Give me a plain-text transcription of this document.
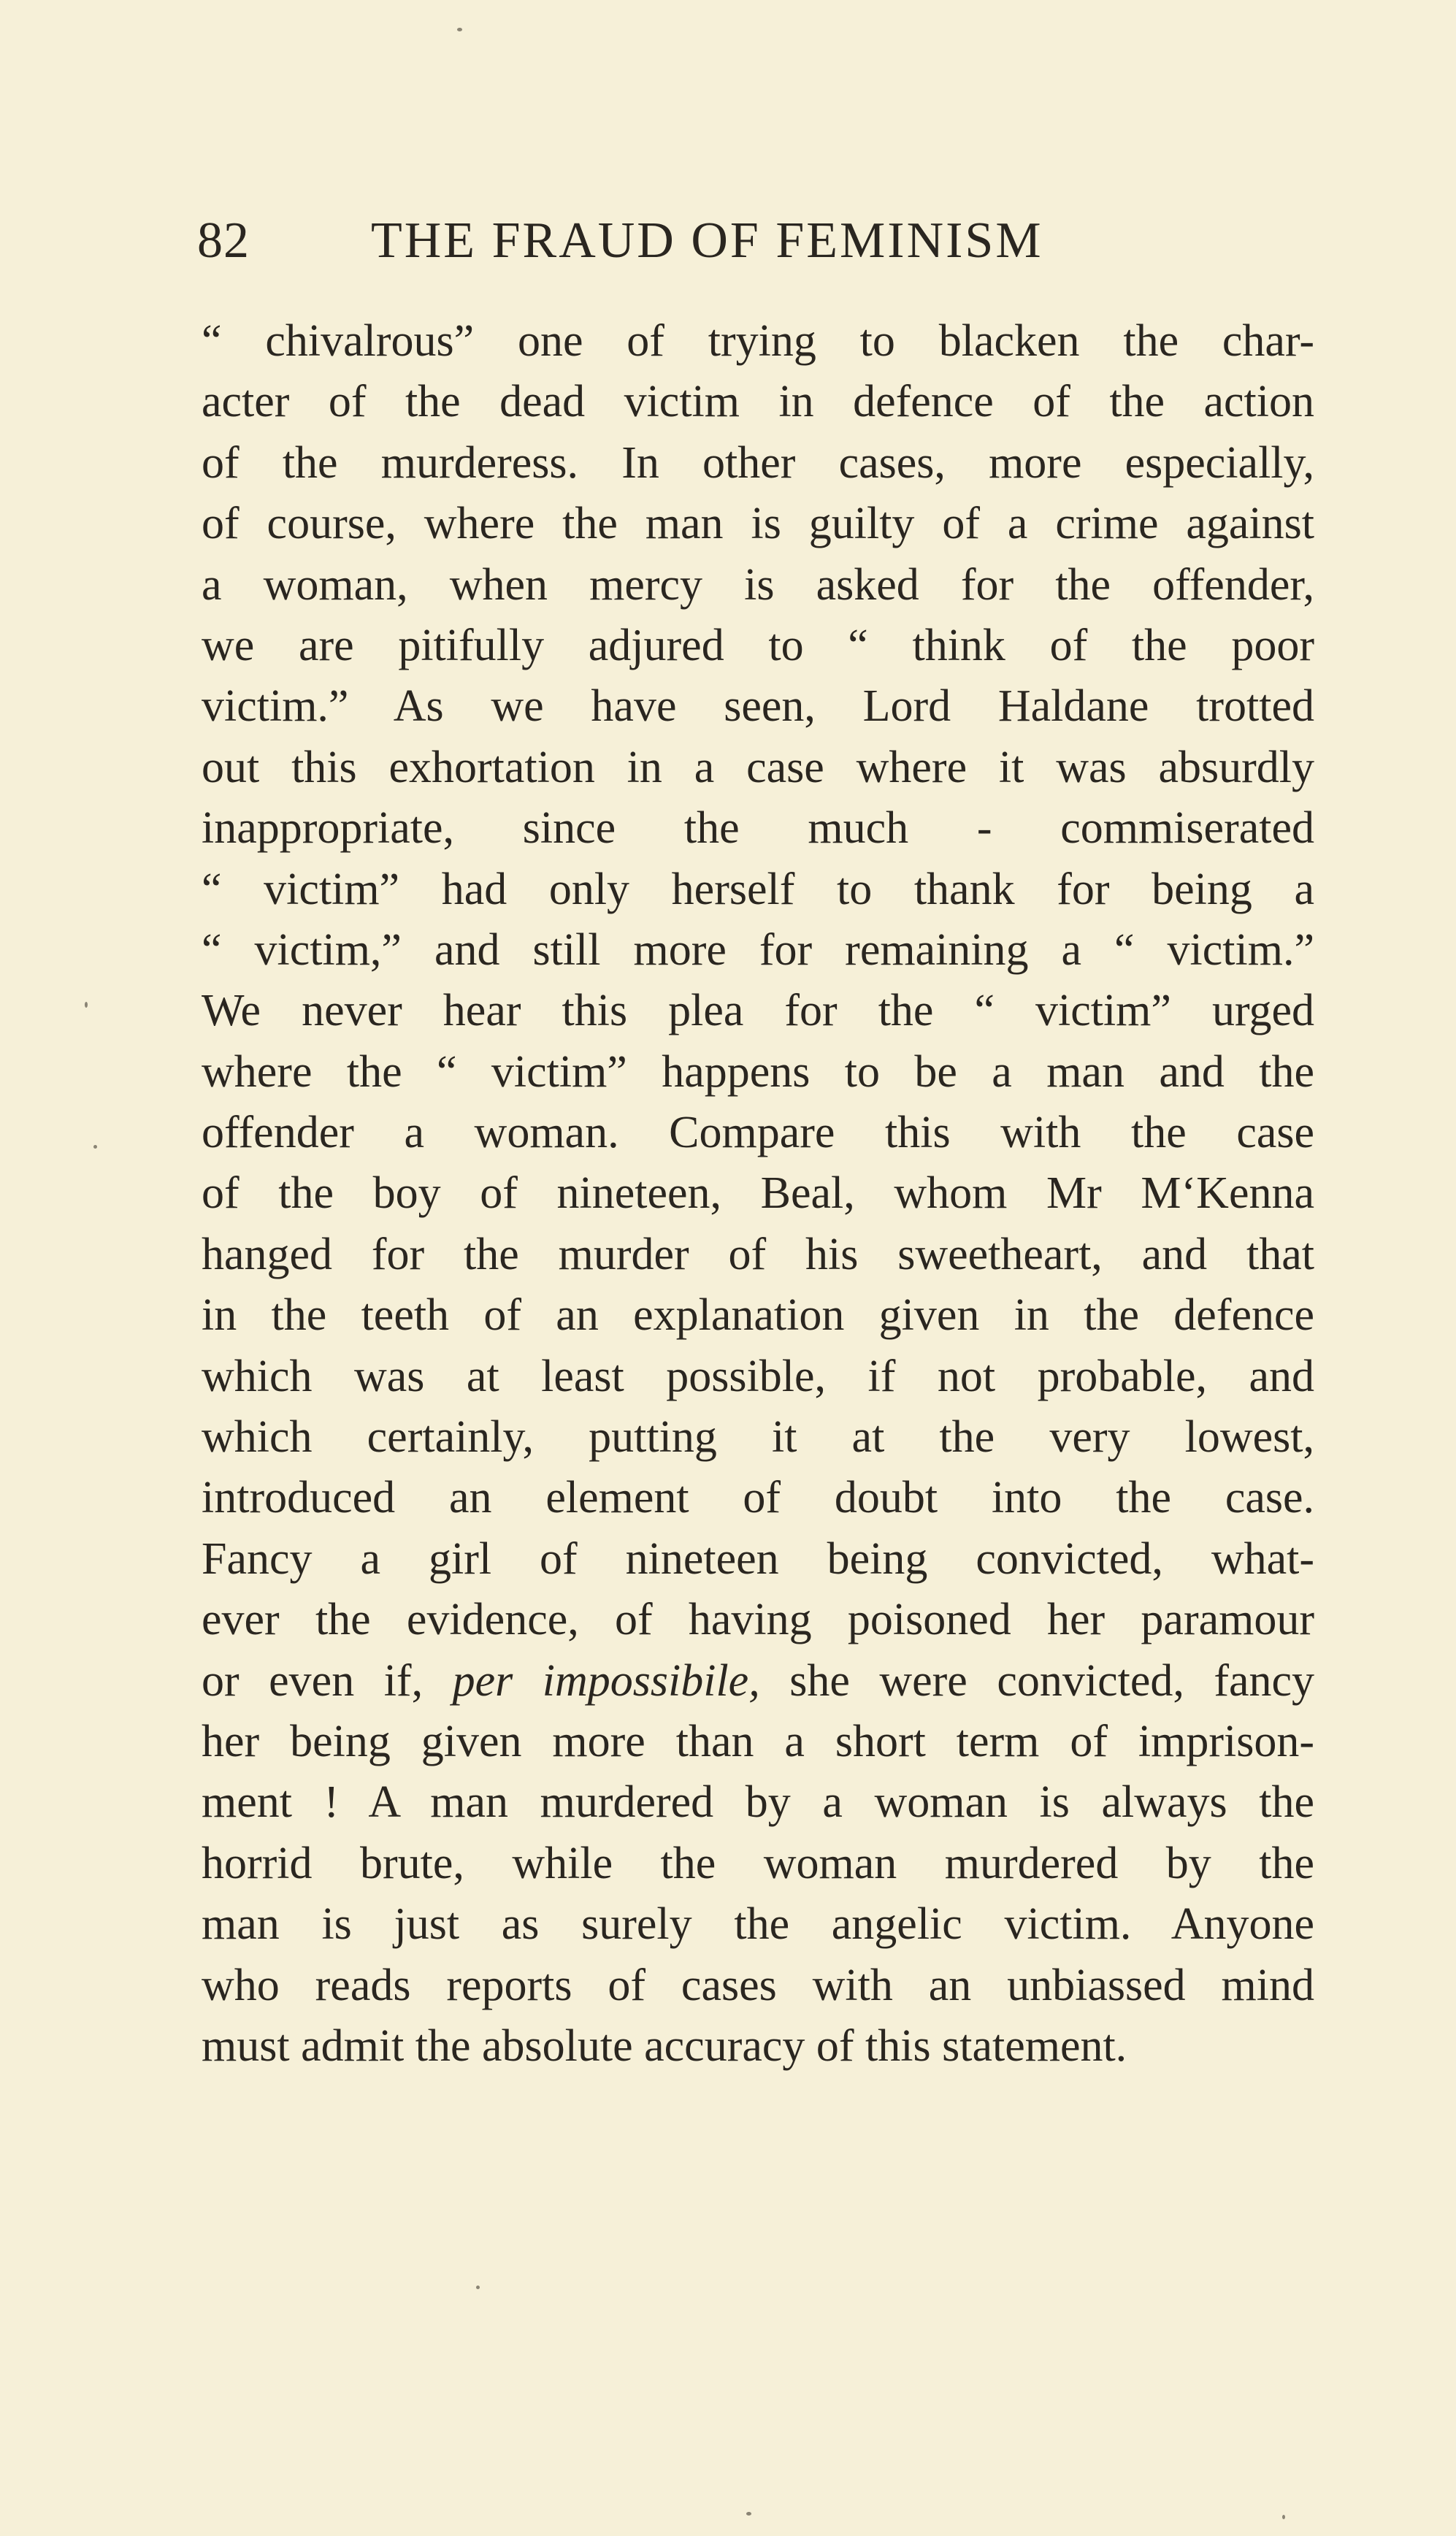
82 THE FRAUD OF FEMINISM
“ chivalrous” one of trying to blacken the char-
acter of the dead victim in defence of the action
of the murderess. In other cases, more especially,
of course, where the man is guilty of a crime against
a woman, when mercy is asked for the offender,
we are pitifully adjured to “ think of the poor
victim.” As we have seen, Lord Haldane trotted
out this exhortation in a case where it was absurdly
inappropriate, since the much - commiserated
“ victim” had only herself to thank for being a
“ victim,” and still more for remaining a “ victim.”
We never hear this plea for the “ victim” urged
where the “ victim” happens to be a man and the
offender a woman. Compare this with the case
of the boy of nineteen, Beal, whom Mr M‘Kenna
hanged for the murder of his sweetheart, and that
in the teeth of an explanation given in the defence
which was at least possible, if not probable, and
which certainly, putting it at the very lowest,
introduced an element of doubt into the case.
Fancy a girl of nineteen being convicted, what-
ever the evidence, of having poisoned her paramour
or even if, per impossibile, she were convicted, fancy
her being given more than a short term of imprison-
ment ! A man murdered by a woman is always the
horrid brute, while the woman murdered by the
man is just as surely the angelic victim. Anyone
who reads reports of cases with an unbiassed mind
must admit the absolute accuracy of this statement.
